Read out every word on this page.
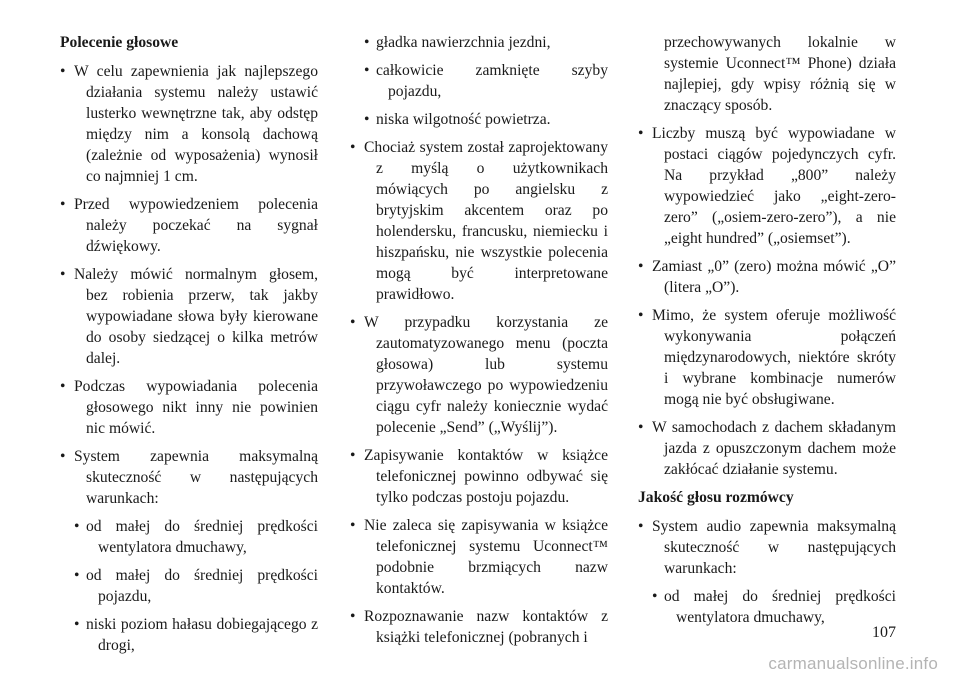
Polecenie głosowe
• W celu zapewnienia jak najlepszego działania systemu należy ustawić lusterko wewnętrzne tak, aby odstęp między nim a konsolą dachową (zależnie od wyposażenia) wynosił co najmniej 1 cm.
• Przed wypowiedzeniem polecenia należy poczekać na sygnał dźwiękowy.
• Należy mówić normalnym głosem, bez robienia przerw, tak jakby wypowiadane słowa były kierowane do osoby siedzącej o kilka metrów dalej.
• Podczas wypowiadania polecenia głosowego nikt inny nie powinien nic mówić.
• System zapewnia maksymalną skuteczność w następujących warunkach:
• od małej do średniej prędkości wentylatora dmuchawy,
• od małej do średniej prędkości pojazdu,
• niski poziom hałasu dobiegającego z drogi,
• gładka nawierzchnia jezdni,
• całkowicie zamknięte szyby pojazdu,
• niska wilgotność powietrza.
• Chociaż system został zaprojektowany z myślą o użytkownikach mówiących po angielsku z brytyjskim akcentem oraz po holendersku, francusku, niemiecku i hiszpańsku, nie wszystkie polecenia mogą być interpretowane prawidłowo.
• W przypadku korzystania ze zautomatyzowanego menu (poczta głosowa) lub systemu przywoławczego po wypowiedzeniu ciągu cyfr należy koniecznie wydać polecenie „Send” („Wyślij”).
• Zapisywanie kontaktów w książce telefonicznej powinno odbywać się tylko podczas postoju pojazdu.
• Nie zaleca się zapisywania w książce telefonicznej systemu Uconnect™ podobnie brzmiących nazw kontaktów.
• Rozpoznawanie nazw kontaktów z książki telefonicznej (pobranych i
przechowywanych lokalnie w systemie Uconnect™ Phone) działa najlepiej, gdy wpisy różnią się w znaczący sposób.
• Liczby muszą być wypowiadane w postaci ciągów pojedynczych cyfr. Na przykład „800” należy wypowiedzieć jako „eight-zero-zero” („osiem-zero-zero”), a nie „eight hundred” („osiemset”).
• Zamiast „0” (zero) można mówić „O” (litera „O”).
• Mimo, że system oferuje możliwość wykonywania połączeń międzynarodowych, niektóre skróty i wybrane kombinacje numerów mogą nie być obsługiwane.
• W samochodach z dachem składanym jazda z opuszczonym dachem może zakłócać działanie systemu.
Jakość głosu rozmówcy
• System audio zapewnia maksymalną skuteczność w następujących warunkach:
• od małej do średniej prędkości wentylatora dmuchawy,
107
carmanualsonline.info
